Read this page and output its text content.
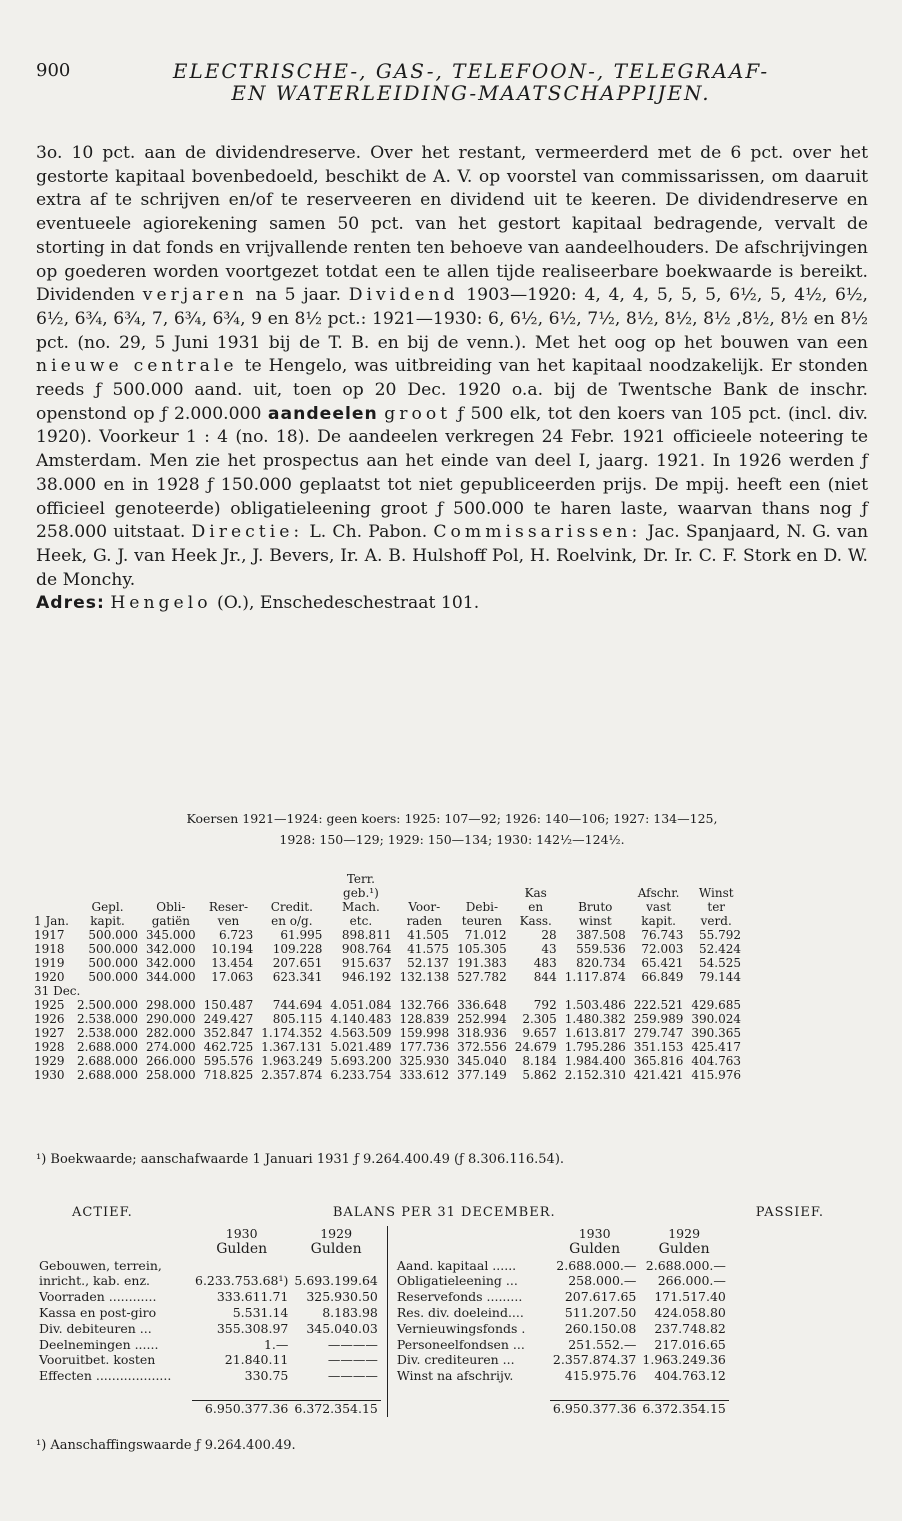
900	ELECTRISCHE-, GAS-, TELEFOON-, TELEGRAAF-
EN WATERLEIDING-MAATSCHAPPIJEN.

3o. 10 pct. aan de dividendreserve. Over het restant, vermeerderd met de 6 pct. over het gestorte kapitaal bovenbedoeld, beschikt de A. V. op voorstel van commissarissen, om daaruit extra af te schrijven en/of te reserveeren en dividend uit te keeren. De dividendreserve en eventueele agiorekening samen 50 pct. van het gestort kapitaal bedragende, vervalt de storting in dat fonds en vrijvallende renten ten behoeve van aandeelhouders. De afschrijvingen op goederen worden voortgezet totdat een te allen tijde realiseerbare boekwaarde is bereikt. Dividenden verjaren na 5 jaar. Dividend 1903—1920: 4, 4, 4, 5, 5, 5, 6½, 5, 4½, 6½, 6½, 6¾, 6¾, 7, 6¾, 6¾, 9 en 8½ pct.: 1921—1930: 6, 6½, 6½, 7½, 8½, 8½, 8½ ,8½, 8½ en 8½ pct. (no. 29, 5 Juni 1931 bij de T. B. en bij de venn.). Met het oog op het bouwen van een nieuwe centrale te Hengelo, was uitbreiding van het kapitaal noodzakelijk. Er stonden reeds ƒ 500.000 aand. uit, toen op 20 Dec. 1920 o.a. bij de Twentsche Bank de inschr. openstond op ƒ 2.000.000 aandeelen groot ƒ 500 elk, tot den koers van 105 pct. (incl. div. 1920). Voorkeur 1 : 4 (no. 18). De aandeelen verkregen 24 Febr. 1921 officieele noteering te Amsterdam. Men zie het prospectus aan het einde van deel I, jaarg. 1921. In 1926 werden ƒ 38.000 en in 1928 ƒ 150.000 geplaatst tot niet gepubliceerden prijs. De mpij. heeft een (niet officieel genoteerde) obligatieleening groot ƒ 500.000 te haren laste, waarvan thans nog ƒ 258.000 uitstaat. Directie: L. Ch. Pabon. Commissarissen: Jac. Spanjaard, N. G. van Heek, G. J. van Heek Jr., J. Bevers, Ir. A. B. Hulshoff Pol, H. Roelvink, Dr. Ir. C. F. Stork en D. W. de Monchy.
Adres: Hengelo (O.), Enschedeschestraat 101.

Koersen 1921—1924: geen koers: 1925: 107—92; 1926: 140—106; 1927: 134—125,
1928: 150—129; 1929: 150—134; 1930: 142½—124½.
					Terr.						
					geb.¹)			Kas		Afschr.	Winst
	Gepl.	Obli-	Reser-	Credit.	Mach.	Voor-	Debi-	en	Bruto	vast	ter
1 Jan.	kapit.	gatiën	ven	en o/g.	etc.	raden	teuren	Kass.	winst	kapit.	verd.
1917	500.000	345.000	6.723	61.995	898.811	41.505	71.012	28	387.508	76.743	55.792
1918	500.000	342.000	10.194	109.228	908.764	41.575	105.305	43	559.536	72.003	52.424
1919	500.000	342.000	13.454	207.651	915.637	52.137	191.383	483	820.734	65.421	54.525
1920	500.000	344.000	17.063	623.341	946.192	132.138	527.782	844	1.117.874	66.849	79.144
31 Dec.											
1925	2.500.000	298.000	150.487	744.694	4.051.084	132.766	336.648	792	1.503.486	222.521	429.685
1926	2.538.000	290.000	249.427	805.115	4.140.483	128.839	252.994	2.305	1.480.382	259.989	390.024
1927	2.538.000	282.000	352.847	1.174.352	4.563.509	159.998	318.936	9.657	1.613.817	279.747	390.365
1928	2.688.000	274.000	462.725	1.367.131	5.021.489	177.736	372.556	24.679	1.795.286	351.153	425.417
1929	2.688.000	266.000	595.576	1.963.249	5.693.200	325.930	345.040	8.184	1.984.400	365.816	404.763
1930	2.688.000	258.000	718.825	2.357.874	6.233.754	333.612	377.149	5.862	2.152.310	421.421	415.976
¹) Boekwaarde; aanschafwaarde 1 Januari 1931 ƒ 9.264.400.49 (ƒ 8.306.116.54).
ACTIEF.	BALANS PER 31 DECEMBER.	PASSIEF.
	1930	1929
	Gulden	Gulden
Gebouwen, terrein,		
inricht., kab. enz.	6.233.753.68¹)	5.693.199.64
Voorraden ............	333.611.71	325.930.50
Kassa en post-giro	5.531.14	8.183.98
Div. debiteuren ...	355.308.97	345.040.03
Deelnemingen ......	1.—	————
Vooruitbet. kosten	21.840.11	————
Effecten ...................	330.75	————

	6.950.377.36	6.372.354.15
	1930	1929
	Gulden	Gulden
Aand. kapitaal ......	2.688.000.—	2.688.000.—
Obligatieleening ...	258.000.—	266.000.—
Reservefonds .........	207.617.65	171.517.40
Res. div. doeleind....	511.207.50	424.058.80
Vernieuwingsfonds .	260.150.08	237.748.82
Personeelfondsen ...	251.552.—	217.016.65
Div. crediteuren ...	2.357.874.37	1.963.249.36
Winst na afschrijv.	415.975.76	404.763.12

	6.950.377.36	6.372.354.15
¹) Aanschaffingswaarde ƒ 9.264.400.49.
